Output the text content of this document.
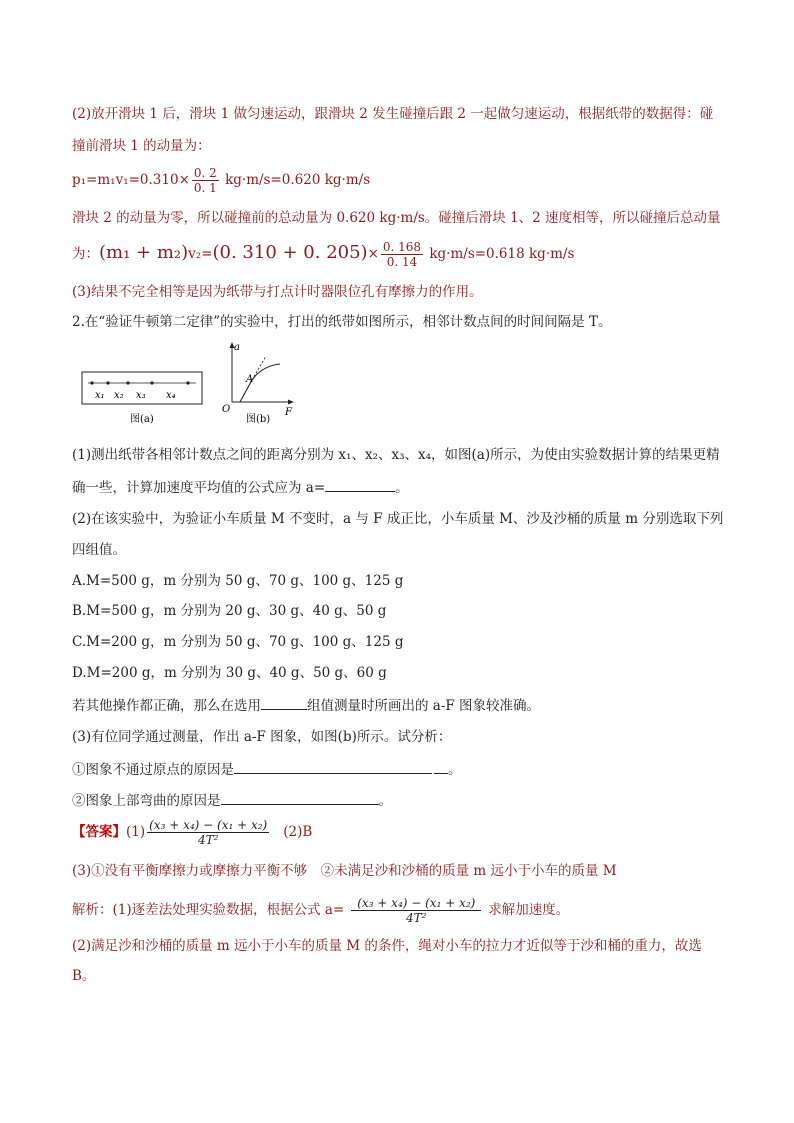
(2)放开滑块 1 后，滑块 1 做匀速运动，跟滑块 2 发生碰撞后跟 2 一起做匀速运动，根据纸带的数据得：碰
撞前滑块 1 的动量为：
$p_1=m_1v_1=0.310\times \frac{0. 2}{0. 1} kg\cdot m/s=0.620$ kg·m/s
滑块 2 的动量为零，所以碰撞前的总动量为 0.620 kg·m/s。碰撞后滑块 1、2 速度相等，所以碰撞后总动量
为：(m₁ + m₂)v₂=(0. 310 + 0. $205)\times \frac{0. 168}{0. 14} kg\cdot m/s=0.618$ kg·m/s
(3)结果不完全相等是因为纸带与打点计时器限位孔有摩擦力的作用。
2.在“验证牛顿第二定律”的实验中，打出的纸带如图所示，相邻计数点间的时间间隔是 T。
x₁ x₂ x₃ x₄
图(a)
a
F
O
A
图(b)
(1)测出纸带各相邻计数点之间的距离分别为 x₁、x₂、x₃、x₄，如图(a)所示，为使由实验数据计算的结果更精
确一些，计算加速度平均值的公式应为 a=	。
(2)在该实验中，为验证小车质量 M 不变时，a 与 F 成正比，小车质量 M、沙及沙桶的质量 m 分别选取下列
四组值。
A.M=500 g，m 分别为 50 g、70 g、100 g、125 g
B.M=500 g，m 分别为 20 g、30 g、40 g、50 g
C.M=200 g，m 分别为 50 g、70 g、100 g、125 g
D.M=200 g，m 分别为 30 g、40 g、50 g、60 g
若其他操作都正确，那么在选用	组值测量时所画出的 a-F 图象较准确。
(3)有位同学通过测量，作出 a-F 图象，如图(b)所示。试分析：
①图象不通过原点的原因是	。
②图象上部弯曲的原因是	。
【答案】$(1) \frac{\text{(x₃ + x₄) − (x₁ + x₂)}}{\text{4T²}} (2)B$
(3)①没有平衡摩擦力或摩擦力平衡不够　②未满足沙和沙桶的质量 m 远小于小车的质量 M
解析：(1)逐差法处理实验数据，根据公式 $a= \frac{\text{(x₃ + x₄) − (x₁ + x₂)}}{\text{4T²}}$ 求解加速度。
(2)满足沙和沙桶的质量 m 远小于小车的质量 M 的条件，绳对小车的拉力才近似等于沙和桶的重力，故选
B。
